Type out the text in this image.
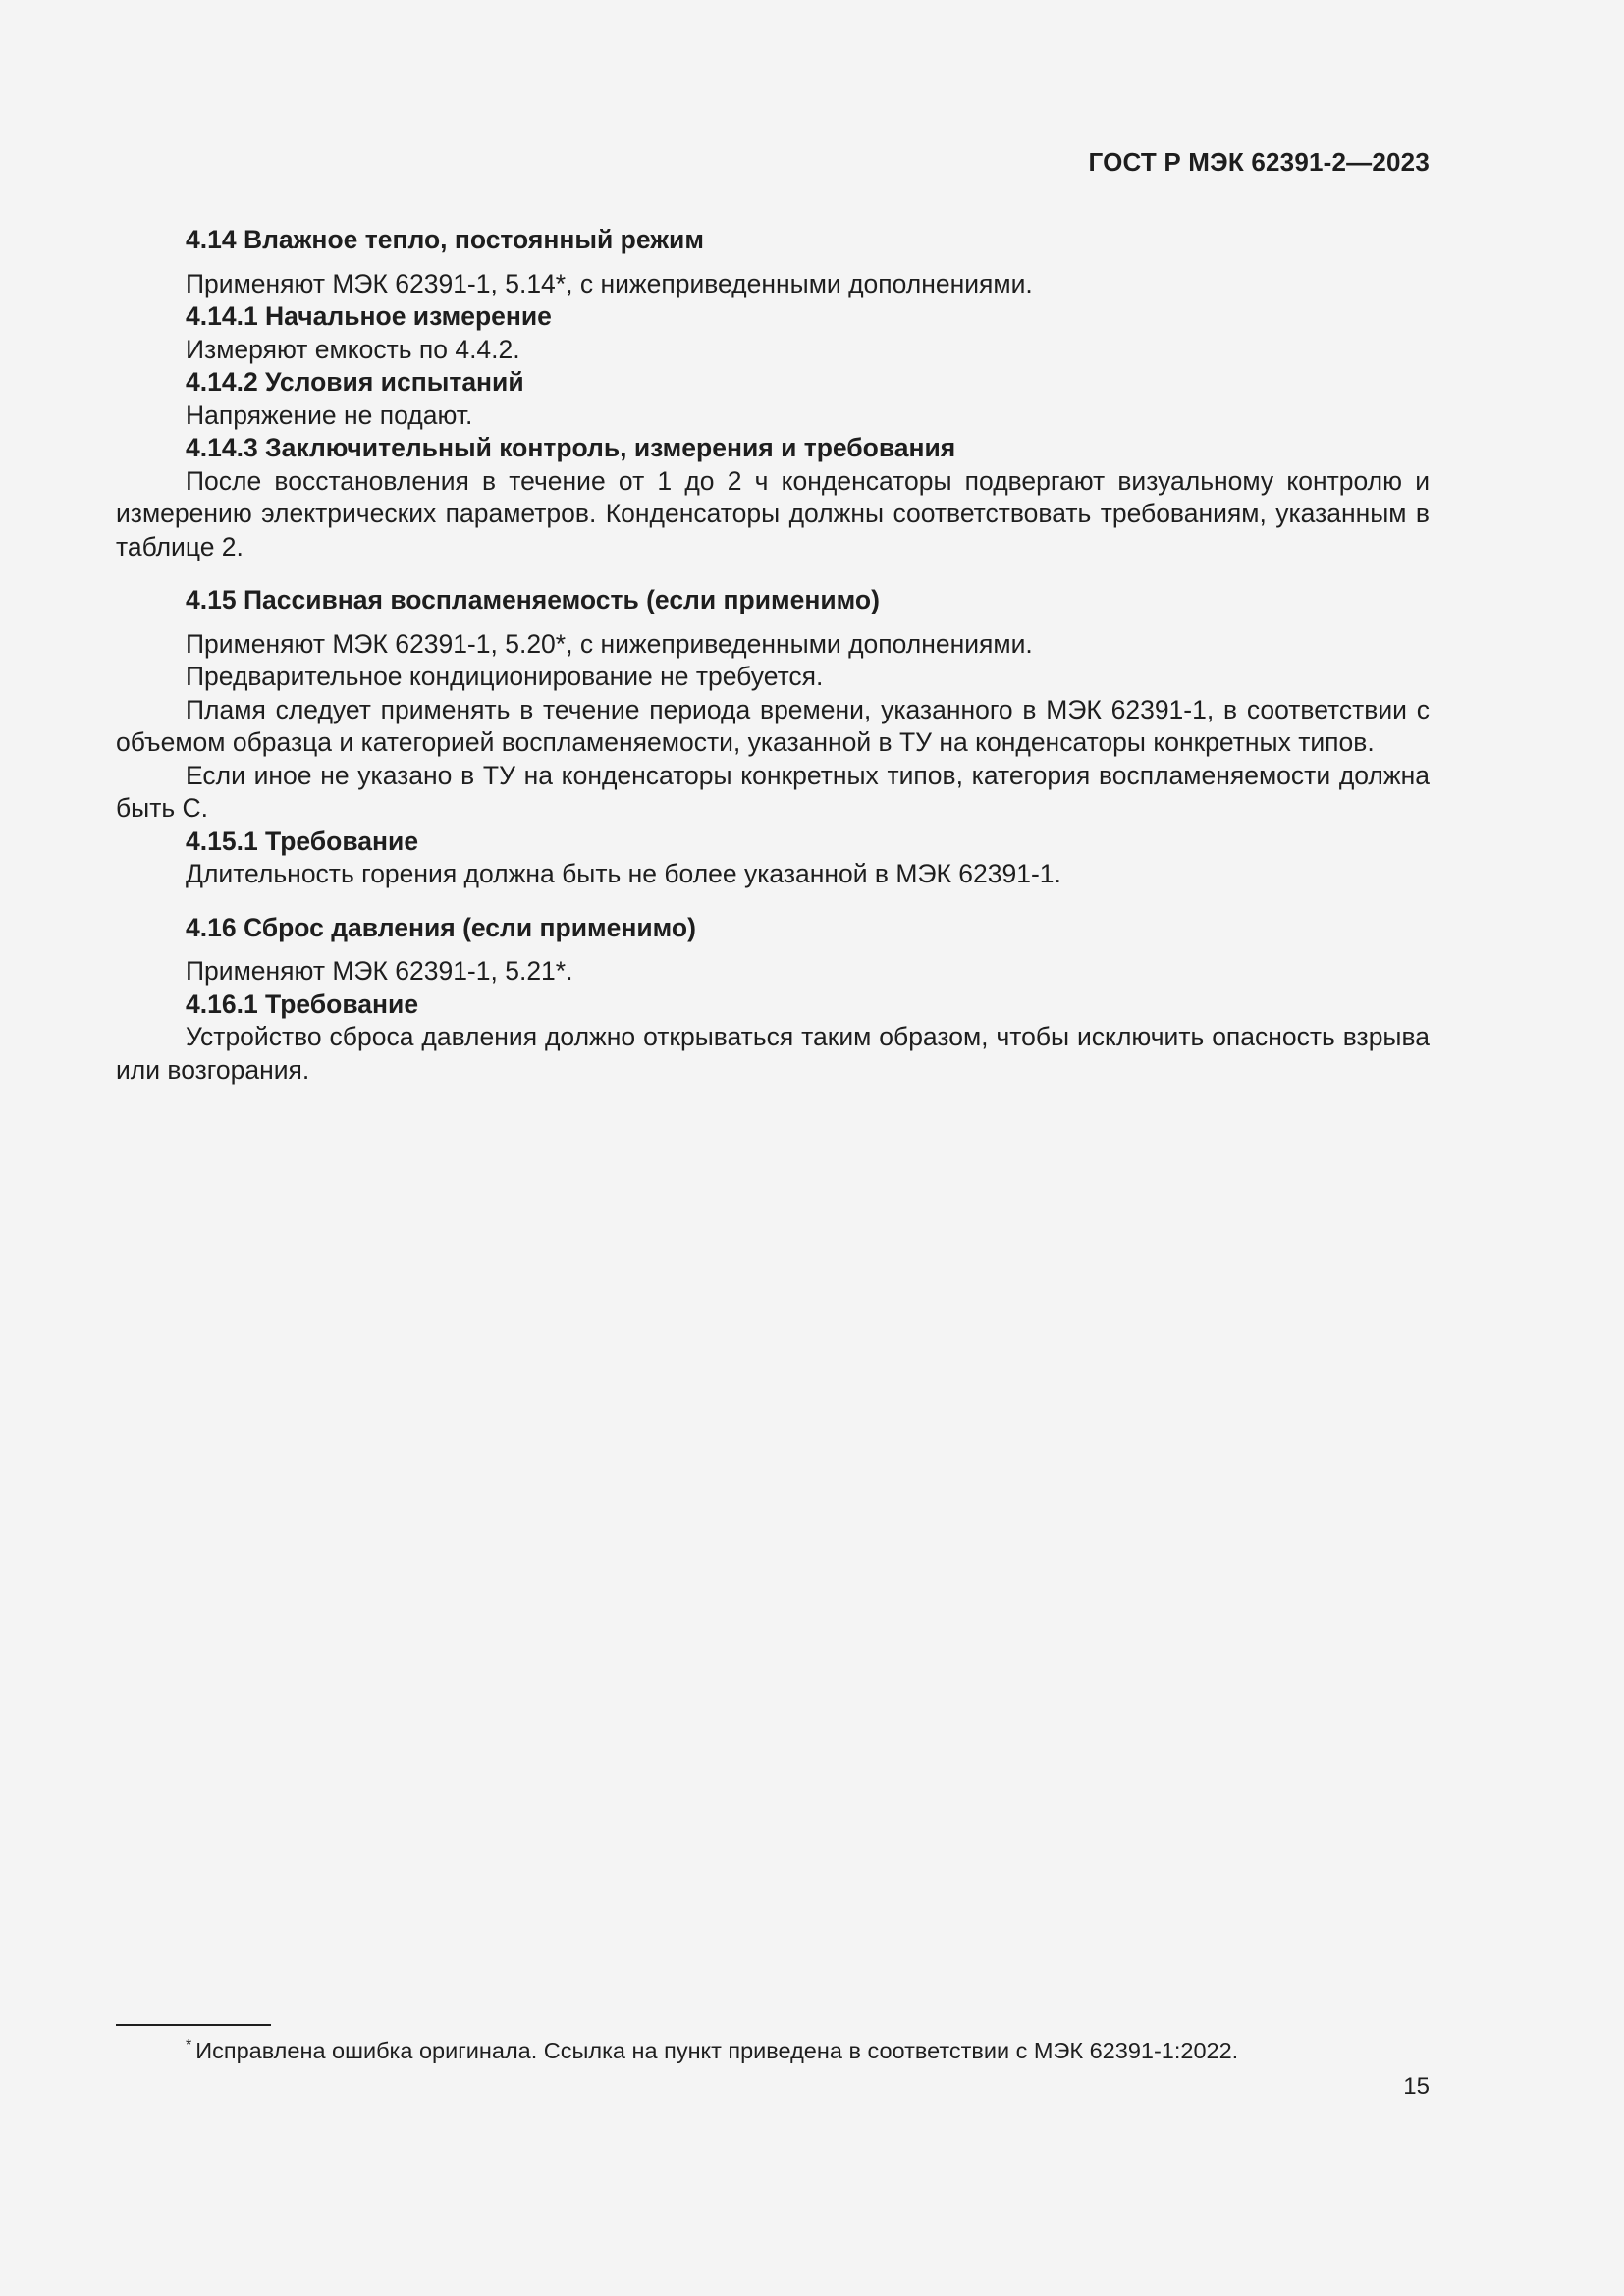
ГОСТ Р МЭК 62391-2—2023
4.14 Влажное тепло, постоянный режим

Применяют МЭК 62391-1, 5.14*, с нижеприведенными дополнениями.

4.14.1 Начальное измерение

Измеряют емкость по 4.4.2.

4.14.2 Условия испытаний

Напряжение не подают.

4.14.3 Заключительный контроль, измерения и требования

После восстановления в течение от 1 до 2 ч конденсаторы подвергают визуальному контролю и измерению электрических параметров. Конденсаторы должны соответствовать требованиям, указанным в таблице 2.

4.15 Пассивная воспламеняемость (если применимо)

Применяют МЭК 62391-1, 5.20*, с нижеприведенными дополнениями.

Предварительное кондиционирование не требуется.

Пламя следует применять в течение периода времени, указанного в МЭК 62391-1, в соответствии с объемом образца и категорией воспламеняемости, указанной в ТУ на конденсаторы конкретных типов.

Если иное не указано в ТУ на конденсаторы конкретных типов, категория воспламеняемости должна быть С.

4.15.1 Требование

Длительность горения должна быть не более указанной в МЭК 62391-1.

4.16 Сброс давления (если применимо)

Применяют МЭК 62391-1, 5.21*.

4.16.1 Требование

Устройство сброса давления должно открываться таким образом, чтобы исключить опасность взрыва или возгорания.

* Исправлена ошибка оригинала. Ссылка на пункт приведена в соответствии с МЭК 62391-1:2022.
15
